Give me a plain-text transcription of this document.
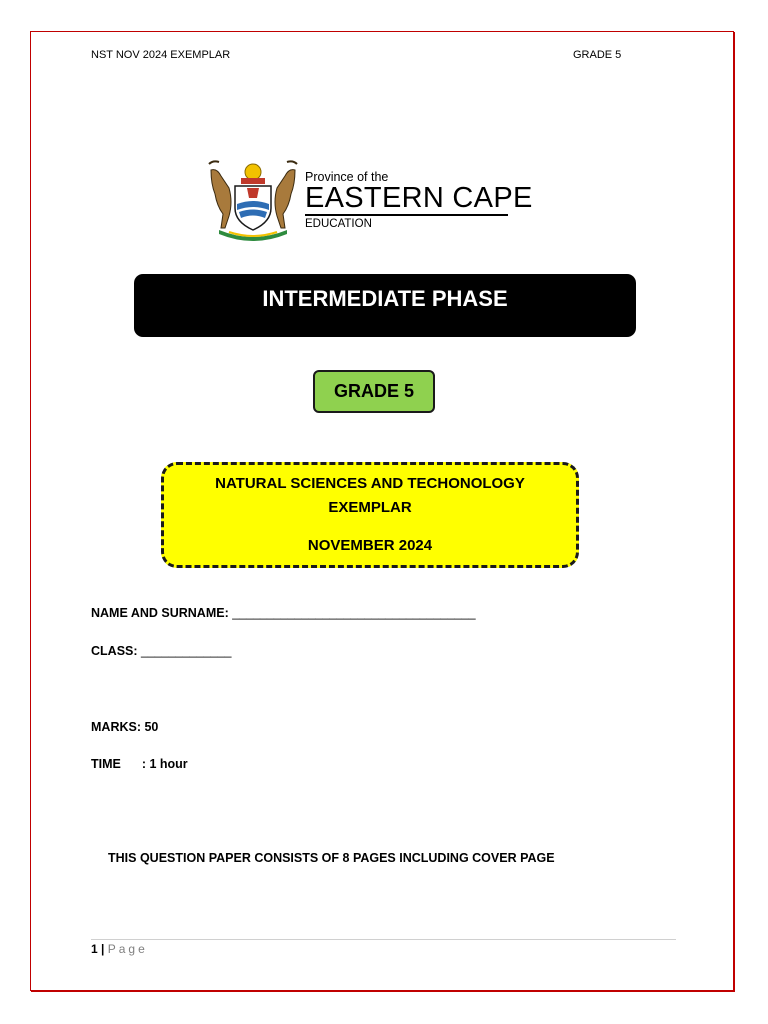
NST NOV 2024 EXEMPLAR	GRADE 5
Province of the
EASTERN CAPE
EDUCATION
INTERMEDIATE PHASE
GRADE 5
NATURAL SCIENCES AND TECHONOLOGY
EXEMPLAR
NOVEMBER 2024
NAME AND SURNAME: ___________________________________
CLASS: _____________
MARKS: 50
TIME : 1 hour
THIS QUESTION PAPER CONSISTS OF 8 PAGES INCLUDING COVER PAGE
1 | Page
